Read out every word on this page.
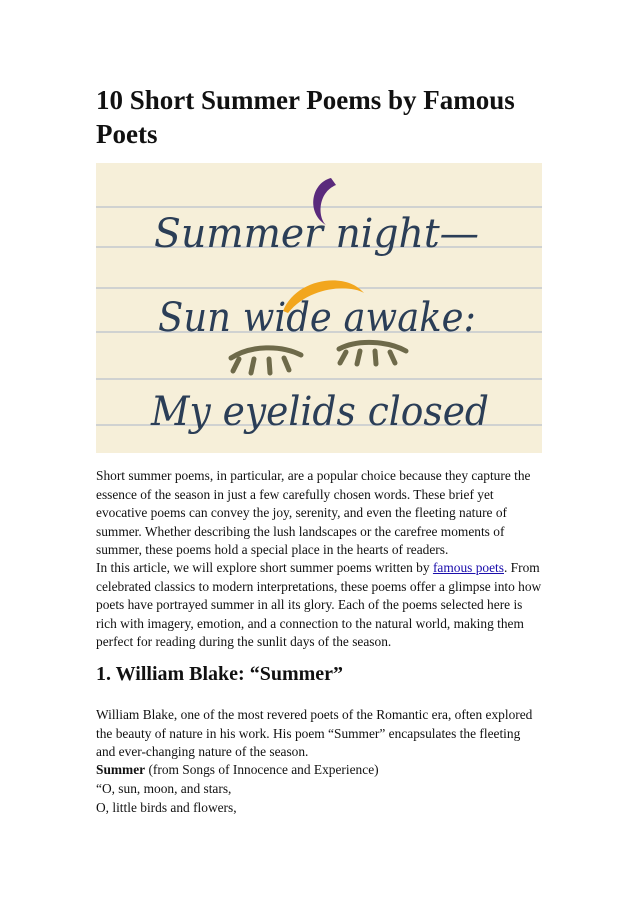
10 Short Summer Poems by Famous Poets
Summer night—
Sun wide awake:
My eyelids closed

Short summer poems, in particular, are a popular choice because they capture the essence of the season in just a few carefully chosen words. These brief yet evocative poems can convey the joy, serenity, and even the fleeting nature of summer. Whether describing the lush landscapes or the carefree moments of summer, these poems hold a special place in the hearts of readers.

In this article, we will explore short summer poems written by famous poets. From celebrated classics to modern interpretations, these poems offer a glimpse into how poets have portrayed summer in all its glory. Each of the poems selected here is rich with imagery, emotion, and a connection to the natural world, making them perfect for reading during the sunlit days of the season.

1. William Blake: “Summer”

William Blake, one of the most revered poets of the Romantic era, often explored the beauty of nature in his work. His poem “Summer” encapsulates the fleeting and ever-changing nature of the season.

Summer (from Songs of Innocence and Experience)

“O, sun, moon, and stars,

O, little birds and flowers,
